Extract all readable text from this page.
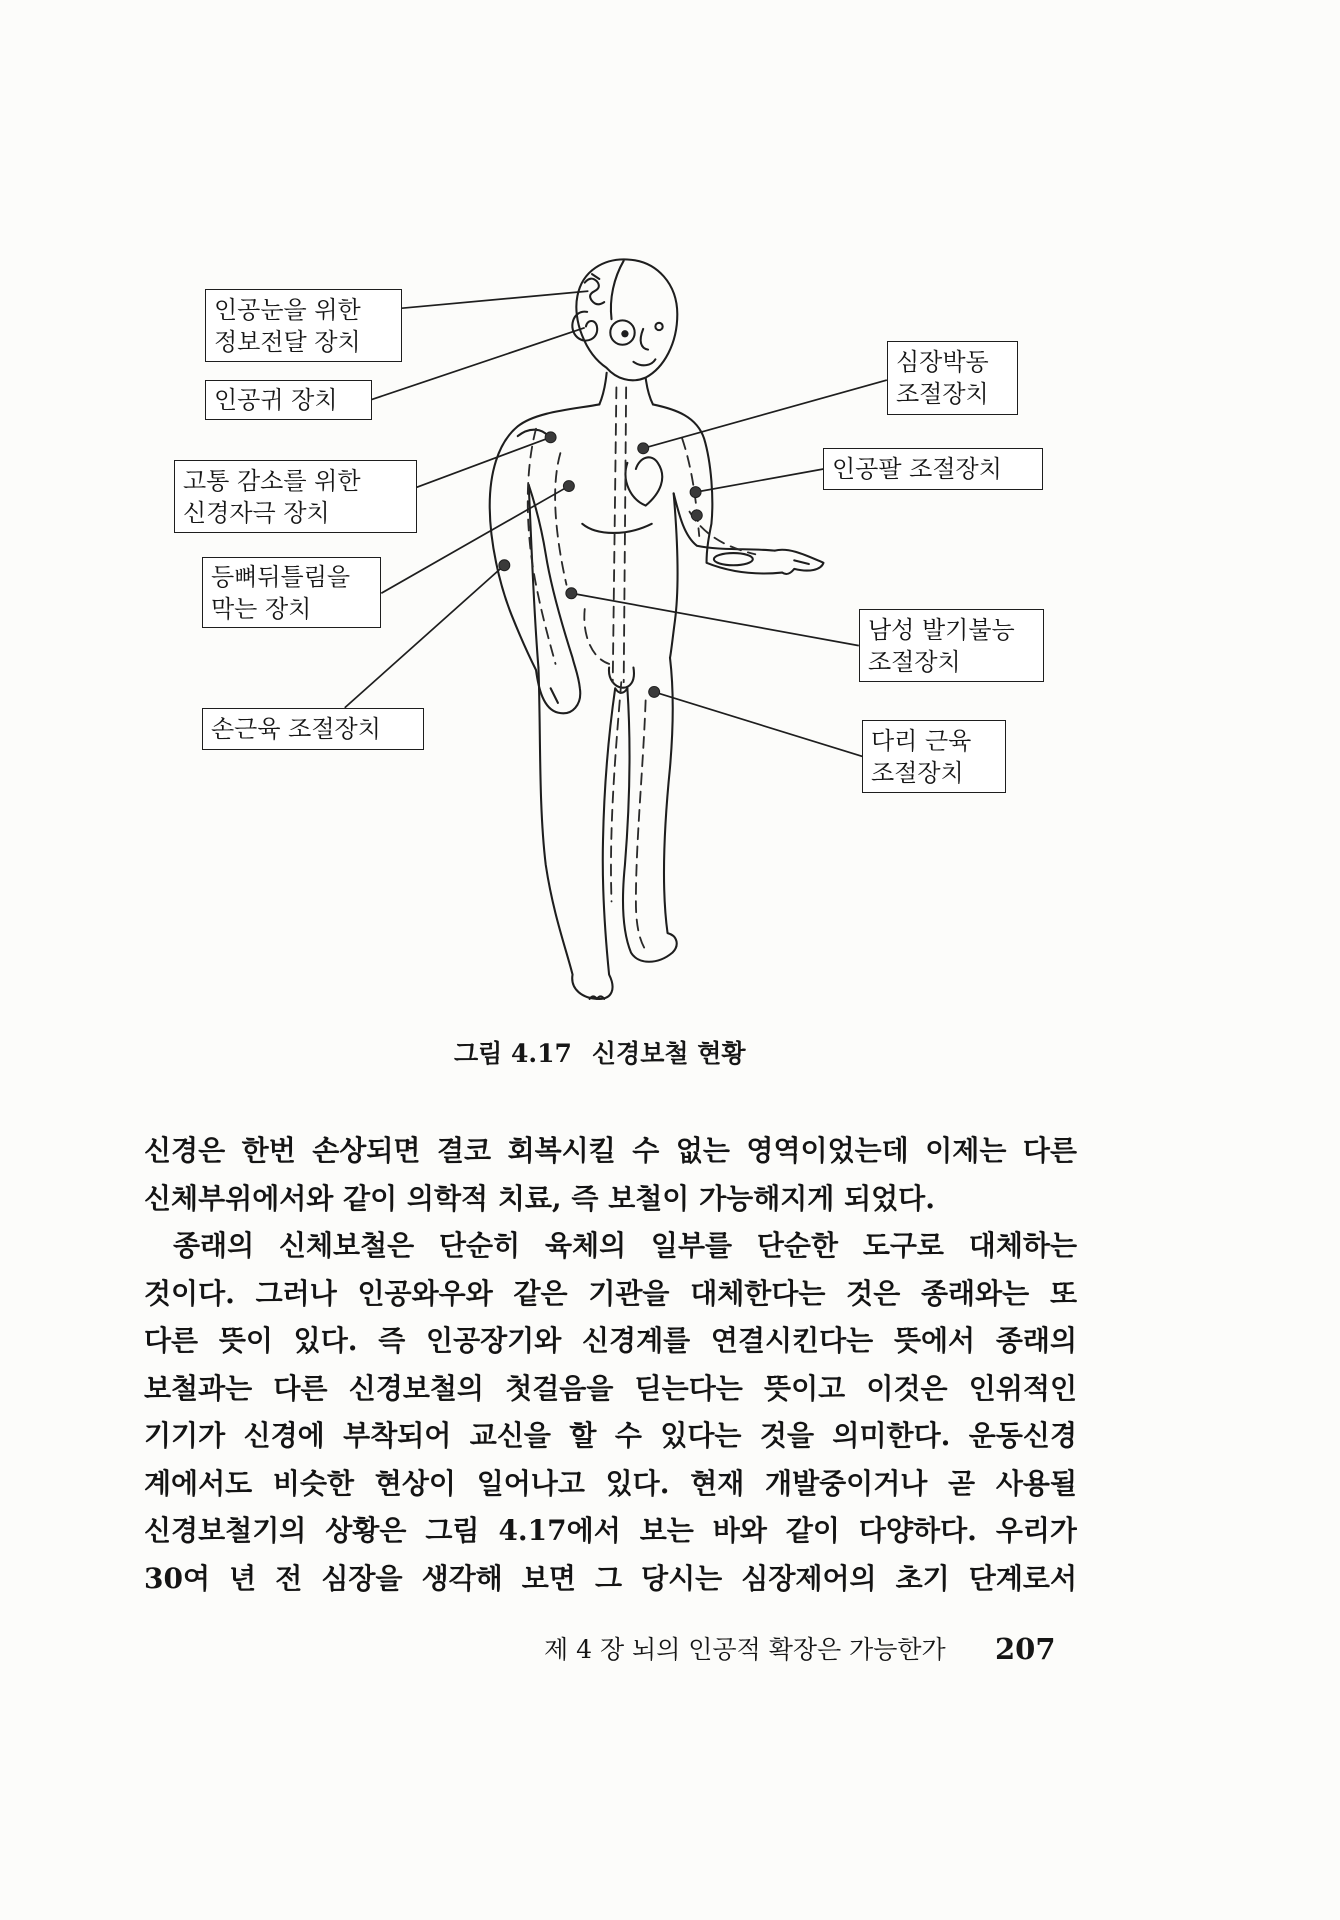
인공눈을 위한
정보전달 장치
인공귀 장치
고통 감소를 위한
신경자극 장치
등뼈뒤틀림을
막는 장치
손근육 조절장치
심장박동
조절장치
인공팔 조절장치
남성 발기불능
조절장치
다리 근육
조절장치
그림 4.17 신경보철 현황
신경은 한번 손상되면 결코 회복시킬 수 없는 영역이었는데 이제는 다른
신체부위에서와 같이 의학적 치료, 즉 보철이 가능해지게 되었다.
종래의 신체보철은 단순히 육체의 일부를 단순한 도구로 대체하는
것이다. 그러나 인공와우와 같은 기관을 대체한다는 것은 종래와는 또
다른 뜻이 있다. 즉 인공장기와 신경계를 연결시킨다는 뜻에서 종래의
보철과는 다른 신경보철의 첫걸음을 딛는다는 뜻이고 이것은 인위적인
기기가 신경에 부착되어 교신을 할 수 있다는 것을 의미한다. 운동신경
계에서도 비슷한 현상이 일어나고 있다. 현재 개발중이거나 곧 사용될
신경보철기의 상황은 그림 4.17에서 보는 바와 같이 다양하다. 우리가
30여 년 전 심장을 생각해 보면 그 당시는 심장제어의 초기 단계로서
제 4 장 뇌의 인공적 확장은 가능한가 207
